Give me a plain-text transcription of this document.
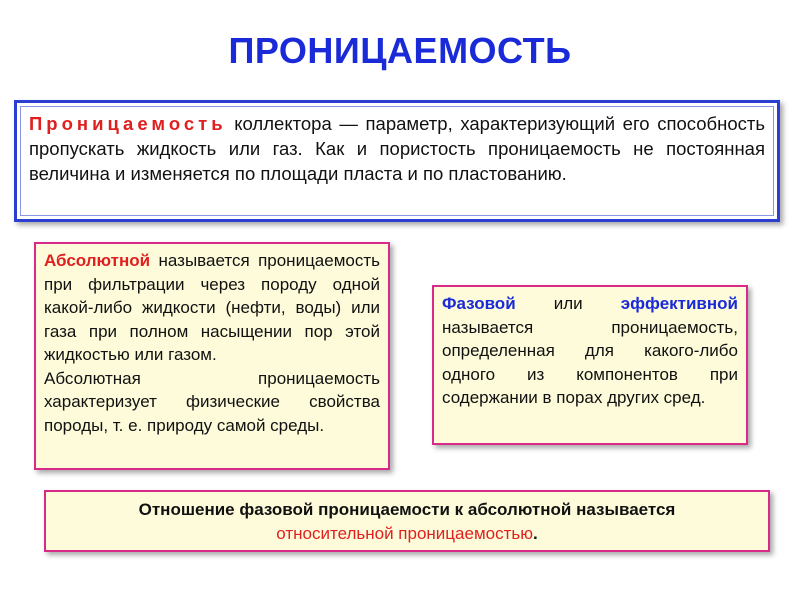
ПРОНИЦАЕМОСТЬ
Проницаемость коллектора — параметр, характеризующий его способность пропускать жидкость или газ. Как и пористость проницаемость не постоянная величина и изменяется по площади пласта и по пластованию.
Абсолютной называется проницаемость при фильтрации через породу одной какой-либо жидкости (нефти, воды) или газа при полном насыщении пор этой жидкостью или газом.
Абсолютная проницаемость характеризует физические свойства породы, т. е. природу самой среды.
Фазовой или эффективной называется проницаемость, определенная для какого-либо одного из компонентов при содержании в порах других сред.
Отношение фазовой проницаемости к абсолютной называется
относительной проницаемостью.
